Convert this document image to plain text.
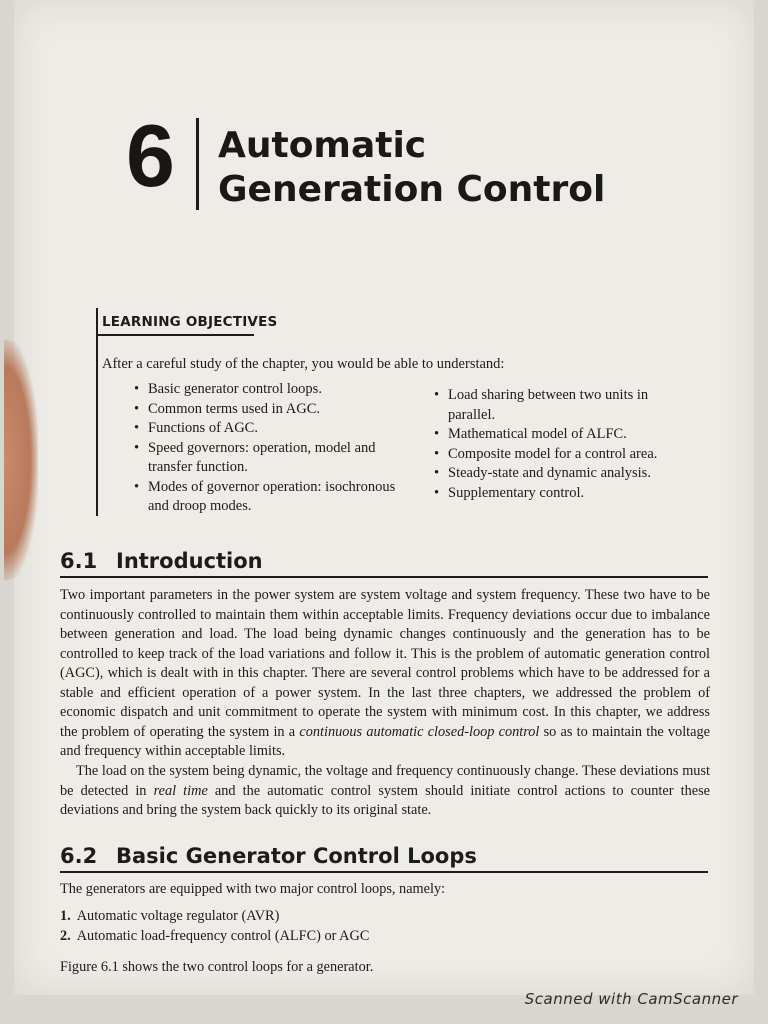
6 Automatic Generation Control
LEARNING OBJECTIVES
After a careful study of the chapter, you would be able to understand:
• Basic generator control loops.
• Common terms used in AGC.
• Functions of AGC.
• Speed governors: operation, model and transfer function.
• Modes of governor operation: isochronous and droop modes.
• Load sharing between two units in parallel.
• Mathematical model of ALFC.
• Composite model for a control area.
• Steady-state and dynamic analysis.
• Supplementary control.
6.1 Introduction

Two important parameters in the power system are system voltage and system frequency. These two have to be continuously controlled to maintain them within acceptable limits. Frequency deviations occur due to imbalance between generation and load. The load being dynamic changes continuously and the generation has to be controlled to keep track of the load variations and follow it. This is the problem of automatic generation control (AGC), which is dealt with in this chapter. There are several control problems which have to be addressed for a stable and efficient operation of a power system. In the last three chapters, we addressed the problem of economic dispatch and unit commitment to operate the system with minimum cost. In this chapter, we address the problem of operating the system in a continuous automatic closed-loop control so as to maintain the voltage and frequency within acceptable limits.

The load on the system being dynamic, the voltage and frequency continuously change. These deviations must be detected in real time and the automatic control system should initiate control actions to counter these deviations and bring the system back quickly to its original state.

6.2 Basic Generator Control Loops

The generators are equipped with two major control loops, namely:

1. Automatic voltage regulator (AVR)
2. Automatic load-frequency control (ALFC) or AGC

Figure 6.1 shows the two control loops for a generator.

Scanned with CamScanner
